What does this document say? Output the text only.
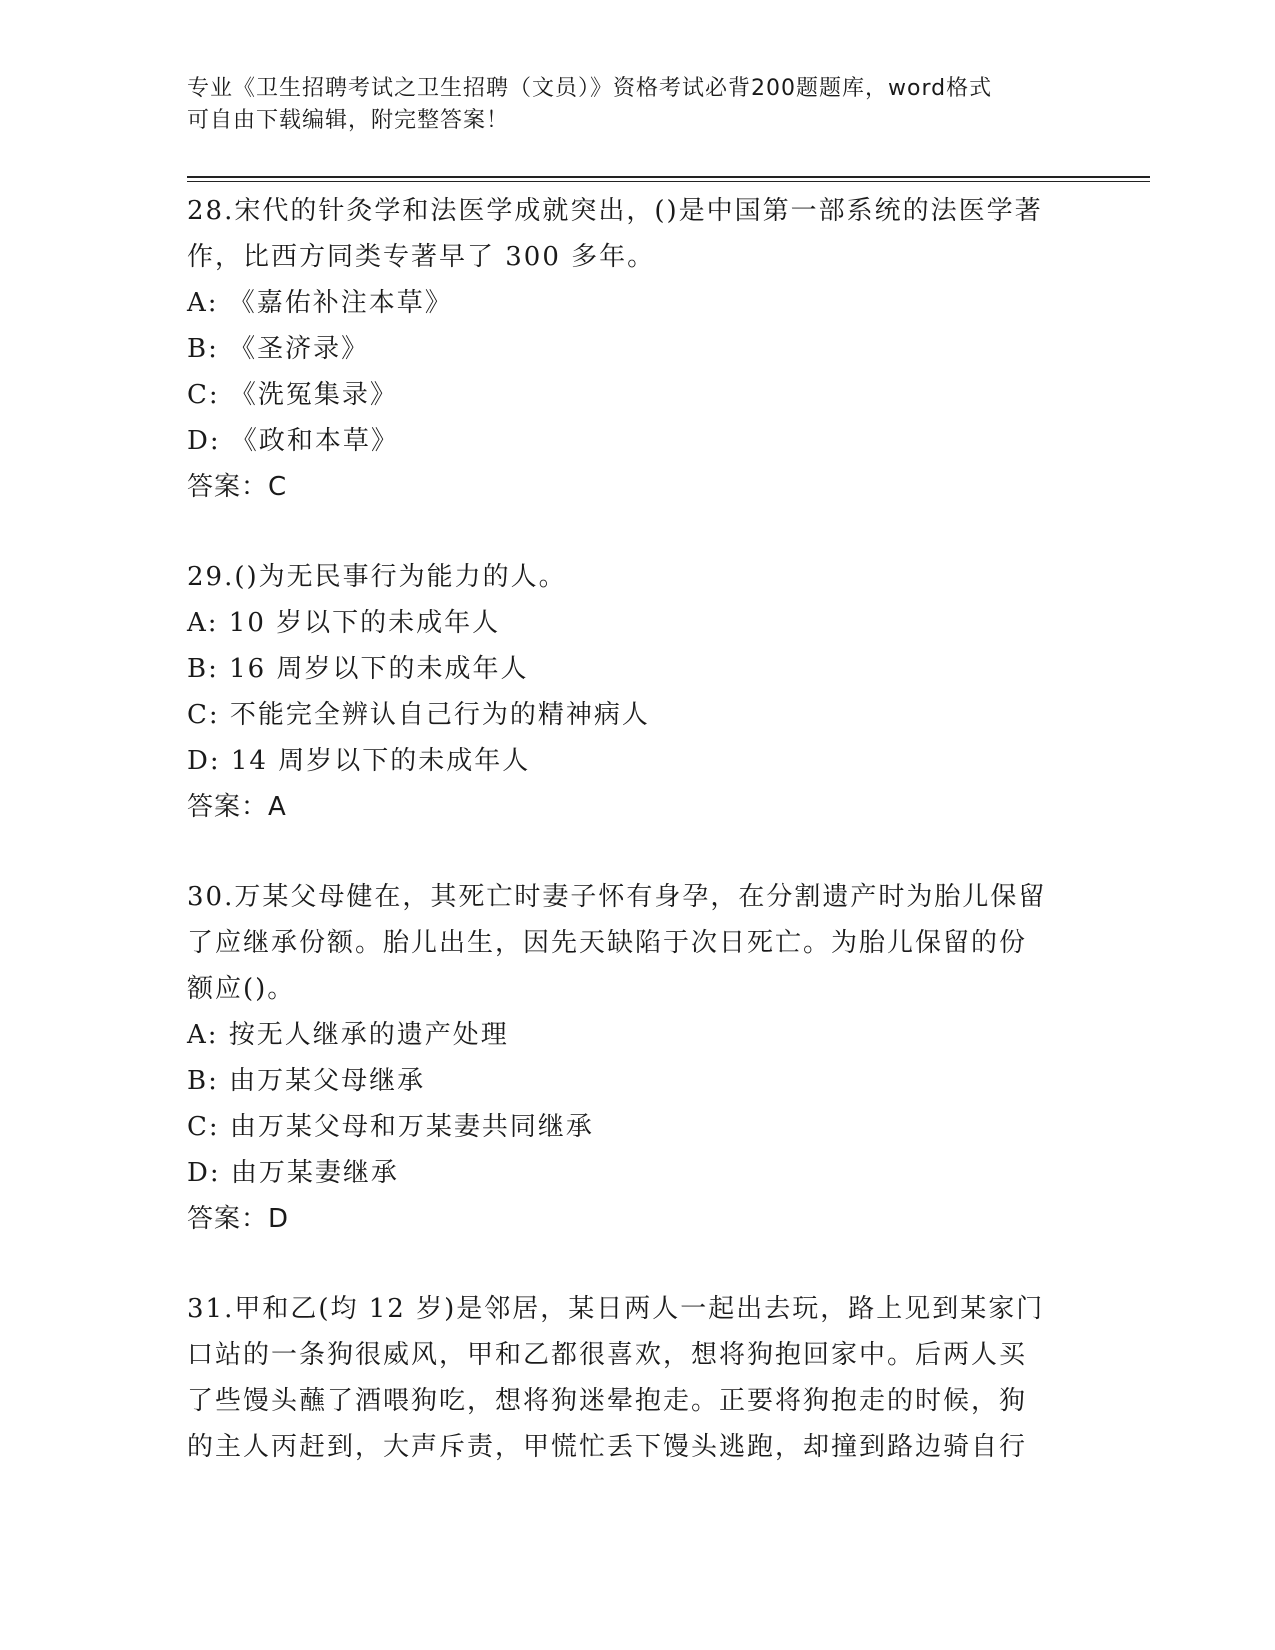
专业《卫生招聘考试之卫生招聘（文员）》资格考试必背200题题库，word格式
可自由下载编辑，附完整答案！
28.宋代的针灸学和法医学成就突出，()是中国第一部系统的法医学著
作，比西方同类专著早了 300 多年。
A: 《嘉佑补注本草》
B: 《圣济录》
C: 《洗冤集录》
D: 《政和本草》
答案：C
29.()为无民事行为能力的人。
A: 10 岁以下的未成年人
B: 16 周岁以下的未成年人
C: 不能完全辨认自己行为的精神病人
D: 14 周岁以下的未成年人
答案：A
30.万某父母健在，其死亡时妻子怀有身孕，在分割遗产时为胎儿保留
了应继承份额。胎儿出生，因先天缺陷于次日死亡。为胎儿保留的份
额应()。
A: 按无人继承的遗产处理
B: 由万某父母继承
C: 由万某父母和万某妻共同继承
D: 由万某妻继承
答案：D
31.甲和乙(均 12 岁)是邻居，某日两人一起出去玩，路上见到某家门
口站的一条狗很威风，甲和乙都很喜欢，想将狗抱回家中。后两人买
了些馒头蘸了酒喂狗吃，想将狗迷晕抱走。正要将狗抱走的时候，狗
的主人丙赶到，大声斥责，甲慌忙丢下馒头逃跑，却撞到路边骑自行
